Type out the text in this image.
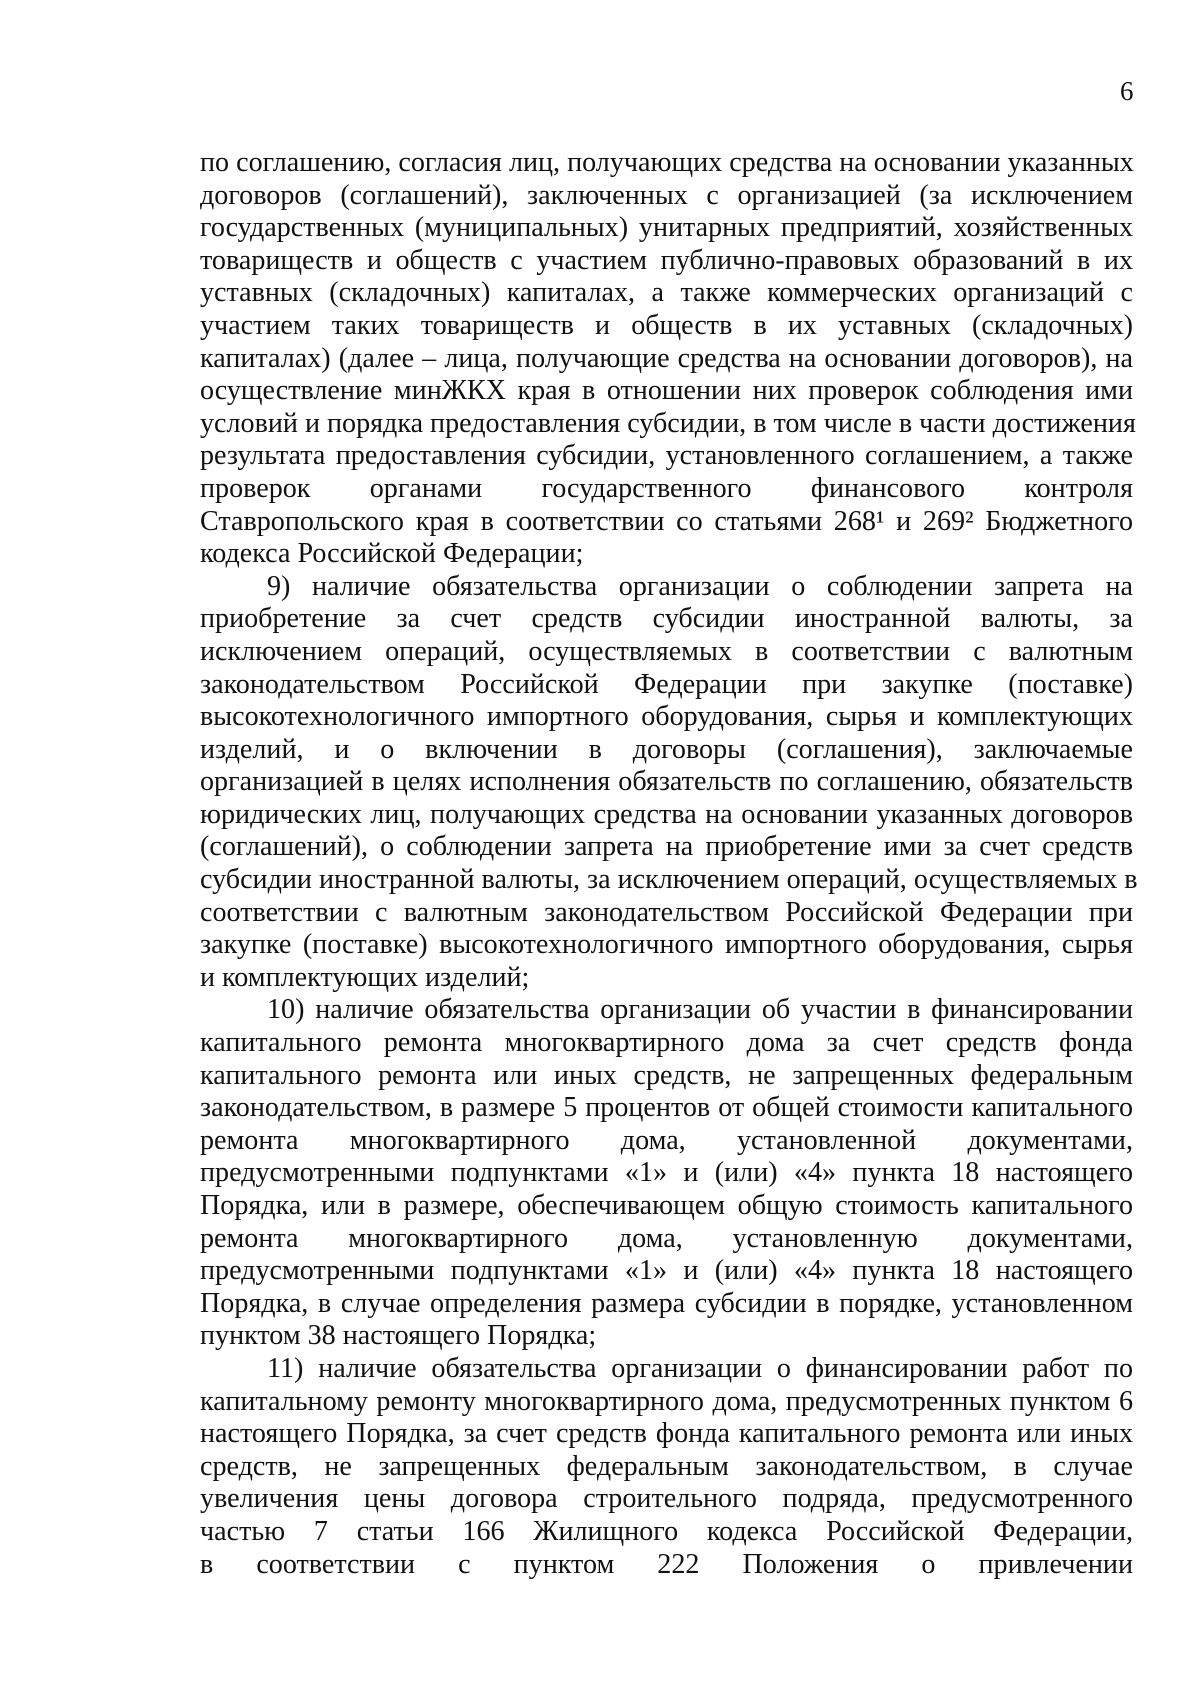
6
по соглашению, согласия лиц, получающих средства на основании указанных
договоров (соглашений), заключенных с организацией (за исключением
государственных (муниципальных) унитарных предприятий, хозяйственных
товариществ и обществ с участием публично-правовых образований в их
уставных (складочных) капиталах, а также коммерческих организаций с
участием таких товариществ и обществ в их уставных (складочных)
капиталах) (далее – лица, получающие средства на основании договоров), на
осуществление минЖКХ края в отношении них проверок соблюдения ими
условий и порядка предоставления субсидии, в том числе в части достижения
результата предоставления субсидии, установленного соглашением, а также
проверок органами государственного финансового контроля
Ставропольского края в соответствии со статьями 268¹ и 269² Бюджетного
кодекса Российской Федерации;
9) наличие обязательства организации о соблюдении запрета на
приобретение за счет средств субсидии иностранной валюты, за
исключением операций, осуществляемых в соответствии с валютным
законодательством Российской Федерации при закупке (поставке)
высокотехнологичного импортного оборудования, сырья и комплектующих
изделий, и о включении в договоры (соглашения), заключаемые
организацией в целях исполнения обязательств по соглашению, обязательств
юридических лиц, получающих средства на основании указанных договоров
(соглашений), о соблюдении запрета на приобретение ими за счет средств
субсидии иностранной валюты, за исключением операций, осуществляемых в
соответствии с валютным законодательством Российской Федерации при
закупке (поставке) высокотехнологичного импортного оборудования, сырья
и комплектующих изделий;
10) наличие обязательства организации об участии в финансировании
капитального ремонта многоквартирного дома за счет средств фонда
капитального ремонта или иных средств, не запрещенных федеральным
законодательством, в размере 5 процентов от общей стоимости капитального
ремонта многоквартирного дома, установленной документами,
предусмотренными подпунктами «1» и (или) «4» пункта 18 настоящего
Порядка, или в размере, обеспечивающем общую стоимость капитального
ремонта многоквартирного дома, установленную документами,
предусмотренными подпунктами «1» и (или) «4» пункта 18 настоящего
Порядка, в случае определения размера субсидии в порядке, установленном
пунктом 38 настоящего Порядка;
11) наличие обязательства организации о финансировании работ по
капитальному ремонту многоквартирного дома, предусмотренных пунктом 6
настоящего Порядка, за счет средств фонда капитального ремонта или иных
средств, не запрещенных федеральным законодательством, в случае
увеличения цены договора строительного подряда, предусмотренного
частью 7 статьи 166 Жилищного кодекса Российской Федерации,
в соответствии с пунктом 222 Положения о привлечении
